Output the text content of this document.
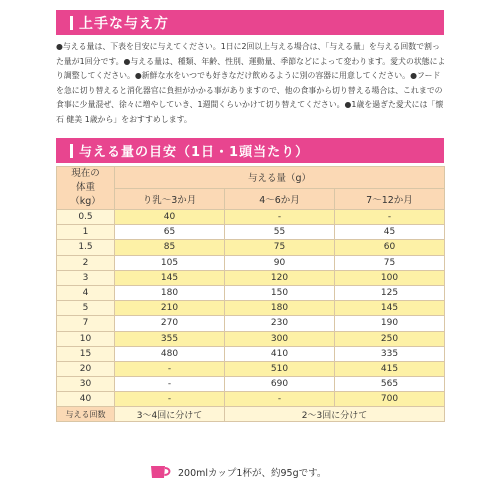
上手な与え方

●与える量は、下表を目安に与えてください。1日に2回以上与える場合は、「与える量」を与える回数で割った量が1回分です。●与える量は、種類、年齢、性別、運動量、季節などによって変わります。愛犬の状態により調整してください。●新鮮な水をいつでも好きなだけ飲めるように別の容器に用意してください。●フードを急に切り替えると消化器官に負担がかかる事がありますので、他の食事から切り替える場合は、これまでの食事に少量混ぜ、徐々に増やしていき、1週間くらいかけて切り替えてください。●1歳を過ぎた愛犬には「懐石 健美 1歳から」をおすすめします。

与える量の目安（1日・1頭当たり）
現在の体重（kg）	与える量（g）		
	り乳～3か月	4～6か月	7～12か月
0.5	40	-	-
1	65	55	45
1.5	85	75	60
2	105	90	75
3	145	120	100
4	180	150	125
5	210	180	145
7	270	230	190
10	355	300	250
15	480	410	335
20	-	510	415
30	-	690	565
40	-	-	700
与える回数	3～4回に分けて	2～3回に分けて	
200mlカップ1杯が、約95gです。
